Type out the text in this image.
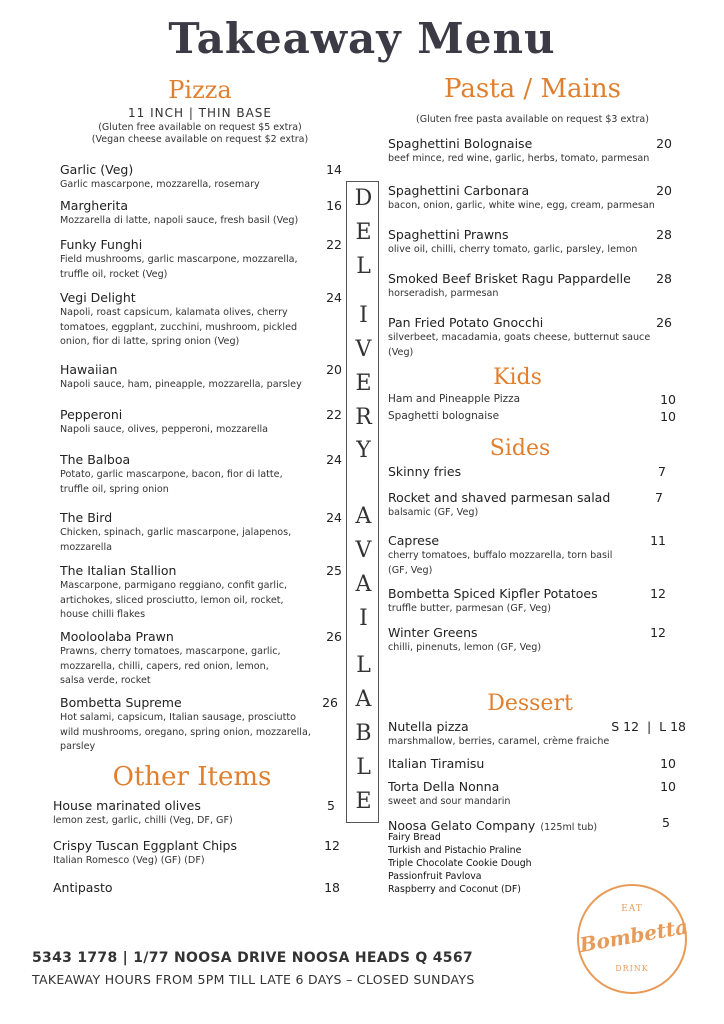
Takeaway Menu
Pizza
11 INCH | THIN BASE
(Gluten free available on request $5 extra)
(Vegan cheese available on request $2 extra)
Garlic (Veg)
Garlic mascarpone, mozzarella, rosemary
14
Margherita
Mozzarella di latte, napoli sauce, fresh basil (Veg)
16
Funky Funghi
Field mushrooms, garlic mascarpone, mozzarella,
truffle oil, rocket (Veg)
22
Vegi Delight
Napoli, roast capsicum, kalamata olives, cherry
tomatoes, eggplant, zucchini, mushroom, pickled
onion, fior di latte, spring onion (Veg)
24
Hawaiian
Napoli sauce, ham, pineapple, mozzarella, parsley
20
Pepperoni
Napoli sauce, olives, pepperoni, mozzarella
22
The Balboa
Potato, garlic mascarpone, bacon, fior di latte,
truffle oil, spring onion
24
The Bird
Chicken, spinach, garlic mascarpone, jalapenos,
mozzarella
24
The Italian Stallion
Mascarpone, parmigano reggiano, confit garlic,
artichokes, sliced prosciutto, lemon oil, rocket,
house chilli flakes
25
Mooloolaba Prawn
Prawns, cherry tomatoes, mascarpone, garlic,
mozzarella, chilli, capers, red onion, lemon,
salsa verde, rocket
26
Bombetta Supreme
Hot salami, capsicum, Italian sausage, prosciutto
wild mushrooms, oregano, spring onion, mozzarella,
parsley
26
Other Items
House marinated olives
lemon zest, garlic, chilli (Veg, DF, GF)
5
Crispy Tuscan Eggplant Chips
Italian Romesco (Veg) (GF) (DF)
12
Antipasto	18
D
E
L
I
V
E
R
Y
A
V
A
I
L
A
B
L
E
Pasta / Mains
(Gluten free pasta available on request $3 extra)
Spaghettini Bolognaise
beef mince, red wine, garlic, herbs, tomato, parmesan
20
Spaghettini Carbonara
bacon, onion, garlic, white wine, egg, cream, parmesan
20
Spaghettini Prawns
olive oil, chilli, cherry tomato, garlic, parsley, lemon
28
Smoked Beef Brisket Ragu Pappardelle
horseradish, parmesan
28
Pan Fried Potato Gnocchi
silverbeet, macadamia, goats cheese, butternut sauce
(Veg)
26
Kids
Ham and Pineapple Pizza	10
Spaghetti bolognaise	10
Sides
Skinny fries	7
Rocket and shaved parmesan salad
balsamic (GF, Veg)
7
Caprese
cherry tomatoes, buffalo mozzarella, torn basil
(GF, Veg)
11
Bombetta Spiced Kipfler Potatoes
truffle butter, parmesan (GF, Veg)
12
Winter Greens
chilli, pinenuts, lemon (GF, Veg)
12
Dessert
Nutella pizza
marshmallow, berries, caramel, crème fraiche
S 12  |  L 18
Italian Tiramisu	10
Torta Della Nonna
sweet and sour mandarin
10
Noosa Gelato Company (125ml tub)	5
Fairy Bread
Turkish and Pistachio Praline
Triple Chocolate Cookie Dough
Passionfruit Pavlova
Raspberry and Coconut (DF)
5343 1778 | 1/77 NOOSA DRIVE NOOSA HEADS Q 4567
TAKEAWAY HOURS FROM 5PM TILL LATE 6 DAYS – CLOSED SUNDAYS
EAT
Bombetta
DRINK
